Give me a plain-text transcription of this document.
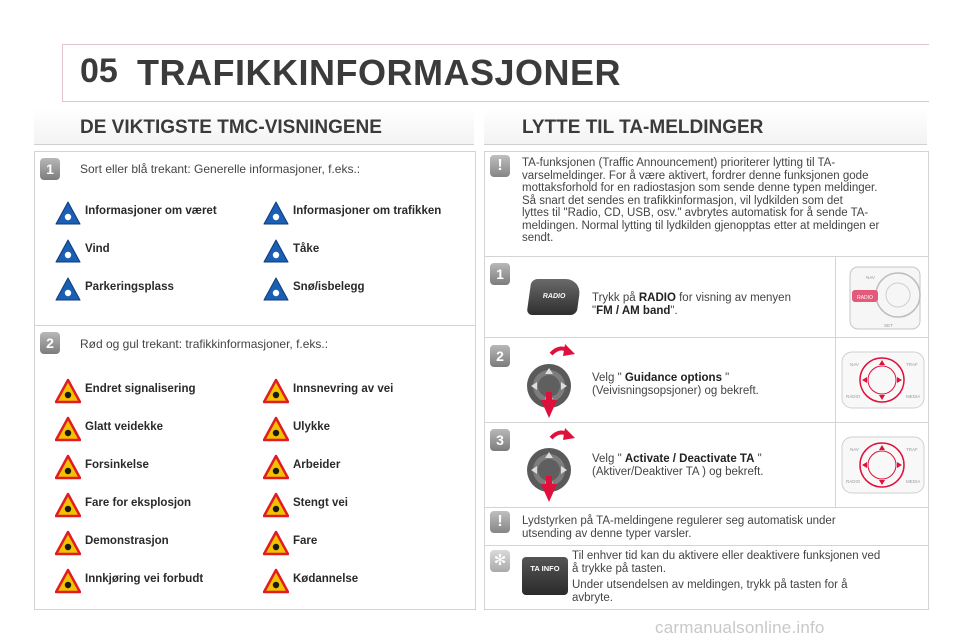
05 TRAFIKKINFORMASJONER
DE VIKTIGSTE TMC-VISNINGENE
1	Sort eller blå trekant: Generelle informasjoner, f.eks.:
Informasjoner om været	Informasjoner om trafikken
Vind	Tåke
Parkeringsplass	Snø/isbelegg
2	Rød og gul trekant: trafikkinformasjoner, f.eks.:
Endret signalisering	Innsnevring av vei
Glatt veidekke	Ulykke
Forsinkelse	Arbeider
Fare for eksplosjon	Stengt vei
Demonstrasjon	Fare
Innkjøring vei forbudt	Kødannelse
LYTTE TIL TA-MELDINGER
!	TA-funksjonen (Traffic Announcement) prioriterer lytting til TA-
varselmeldinger. For å være aktivert, fordrer denne funksjonen gode
mottaksforhold for en radiostasjon som sende denne typen meldinger.
Så snart det sendes en trafikkinformasjon, vil lydkilden som det
lyttes til "Radio, CD, USB, osv." avbrytes automatisk for å sende TA-
meldingen. Normal lytting til lydkilden gjenopptas etter at meldingen er
sendt.
1
RADIO	Trykk på RADIO for visning av menyen
"FM / AM band".
RADIO
NAV
SET
2
Velg " Guidance options "
(Veivisningsopsjoner) og bekreft.
NAV	TRAF
RADIO	MEDIA
3
Velg " Activate / Deactivate TA "
(Aktiver/Deaktiver TA ) og bekreft.
NAV	TRAF
RADIO	MEDIA
!	Lydstyrken på TA-meldingene regulerer seg automatisk under
utsending av denne typer varsler.
✻	TA INFO
Til enhver tid kan du aktivere eller deaktivere funksjonen ved
å trykke på tasten.
Under utsendelsen av meldingen, trykk på tasten for å
avbryte.
carmanualsonline.info
